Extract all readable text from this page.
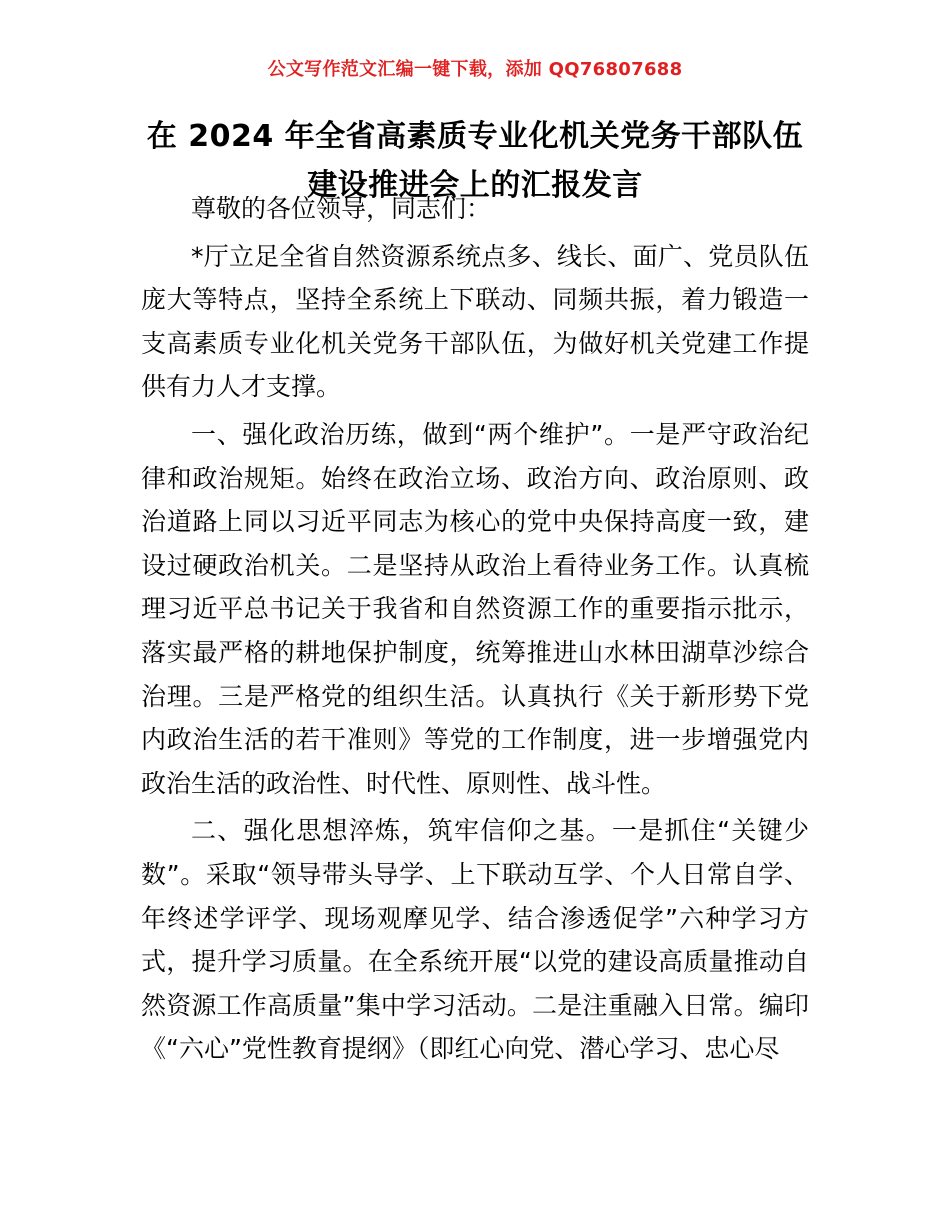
公文写作范文汇编一键下载，添加 QQ76807688
在 2024 年全省高素质专业化机关党务干部队伍
建设推进会上的汇报发言

尊敬的各位领导，同志们：

*厅立足全省自然资源系统点多、线长、面广、党员队伍庞大等特点，坚持全系统上下联动、同频共振，着力锻造一支高素质专业化机关党务干部队伍，为做好机关党建工作提供有力人才支撑。

一、强化政治历练，做到“两个维护”。一是严守政治纪律和政治规矩。始终在政治立场、政治方向、政治原则、政治道路上同以习近平同志为核心的党中央保持高度一致，建设过硬政治机关。二是坚持从政治上看待业务工作。认真梳理习近平总书记关于我省和自然资源工作的重要指示批示，落实最严格的耕地保护制度，统筹推进山水林田湖草沙综合治理。三是严格党的组织生活。认真执行《关于新形势下党内政治生活的若干准则》等党的工作制度，进一步增强党内政治生活的政治性、时代性、原则性、战斗性。

二、强化思想淬炼，筑牢信仰之基。一是抓住“关键少数”。采取“领导带头导学、上下联动互学、个人日常自学、年终述学评学、现场观摩见学、结合渗透促学”六种学习方式，提升学习质量。在全系统开展“以党的建设高质量推动自然资源工作高质量”集中学习活动。二是注重融入日常。编印《“六心”党性教育提纲》（即红心向党、潜心学习、忠心尽
